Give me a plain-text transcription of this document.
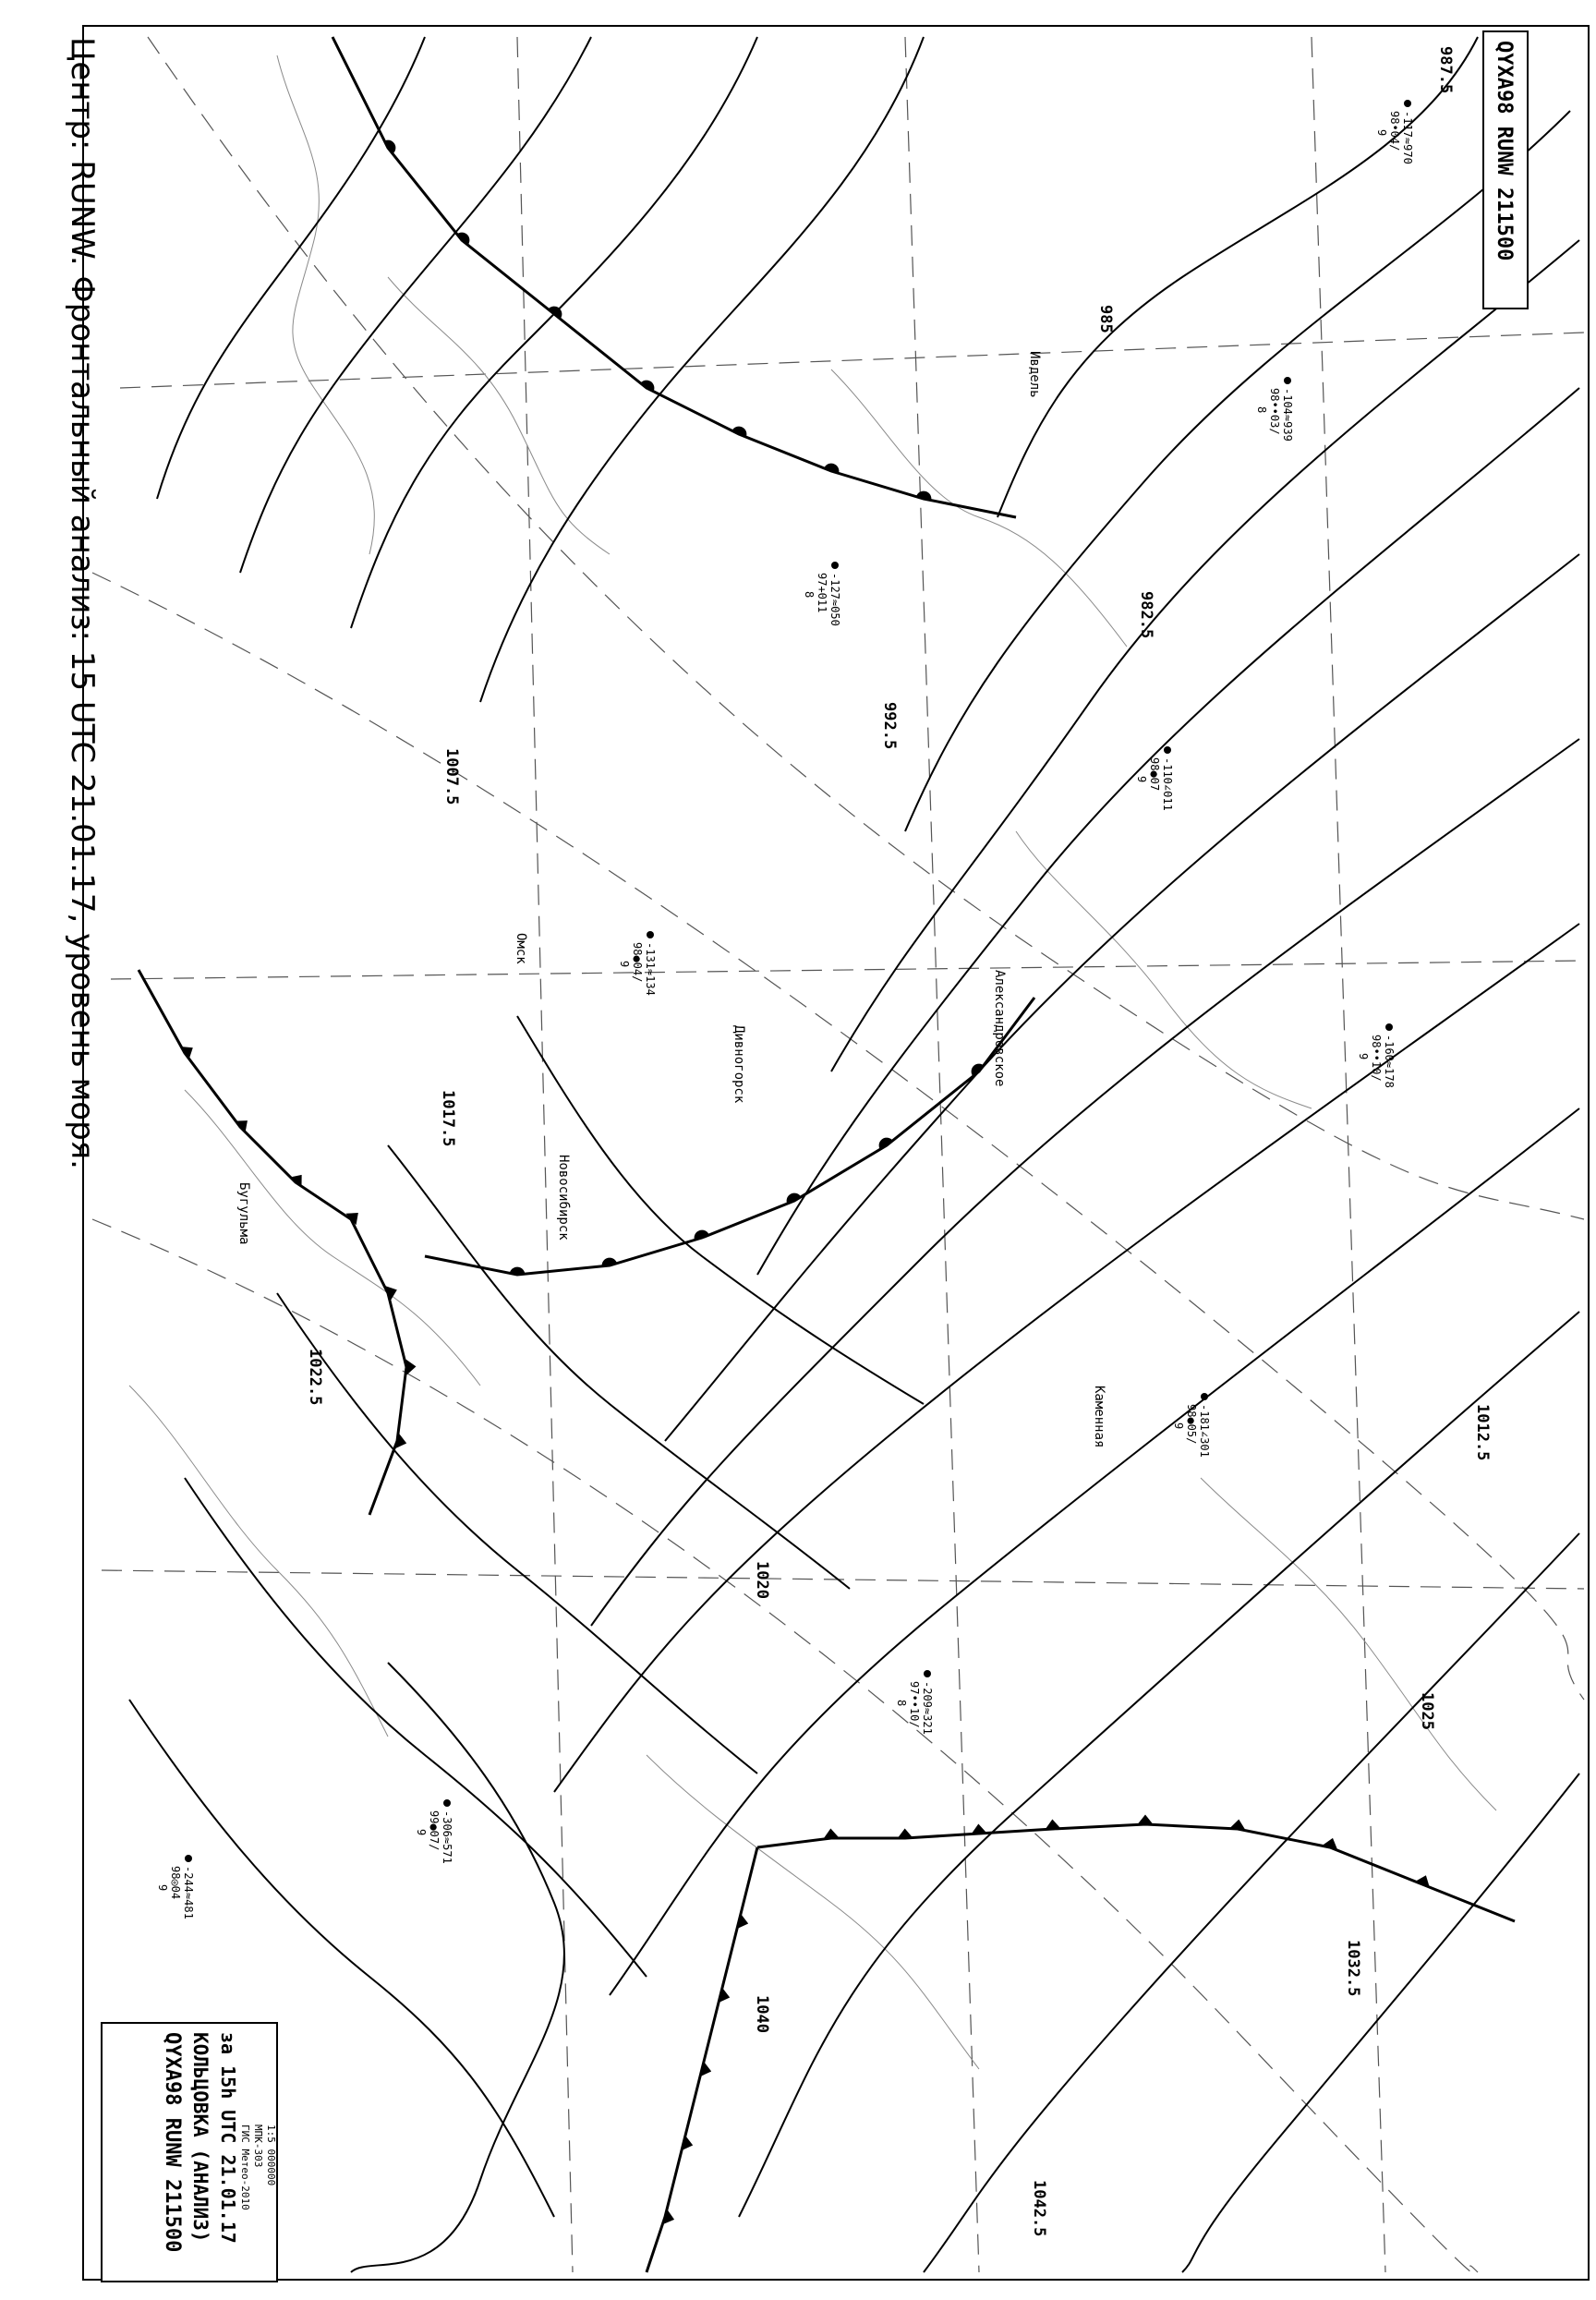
Центр: RUNW. Фронтальный анализ: 15 UTC 21.01.17, уровень моря.	QYXA98 RUNW 211500
QYXA98 RUNW 211500 КОЛЬЦОВКА (АНАЛИЗ) за 15h UTC 21.01.17 ГИС Метео-2010 МПК-303 1:5 000000
987.5
985
982.5
992.5
1007.5
1017.5
1012.5
1020
1022.5
1025
1032.5
1040
1042.5
Ивдель
Александровское
Новосибирск
Дивногорск
Каменная
Омск
Бугульма
-117≈970
98•04/
9
-104≈939
98••03/
8
-110∠011
98●07
9
-127≈050
97+011
8
-160≈178
98••10/
9
-131≈134
98●04/
9
-181∠301
98●05/
9
-209≈321
97••10/
8
-244≈481
98◎04
9
-306≈571
99●07/
9
